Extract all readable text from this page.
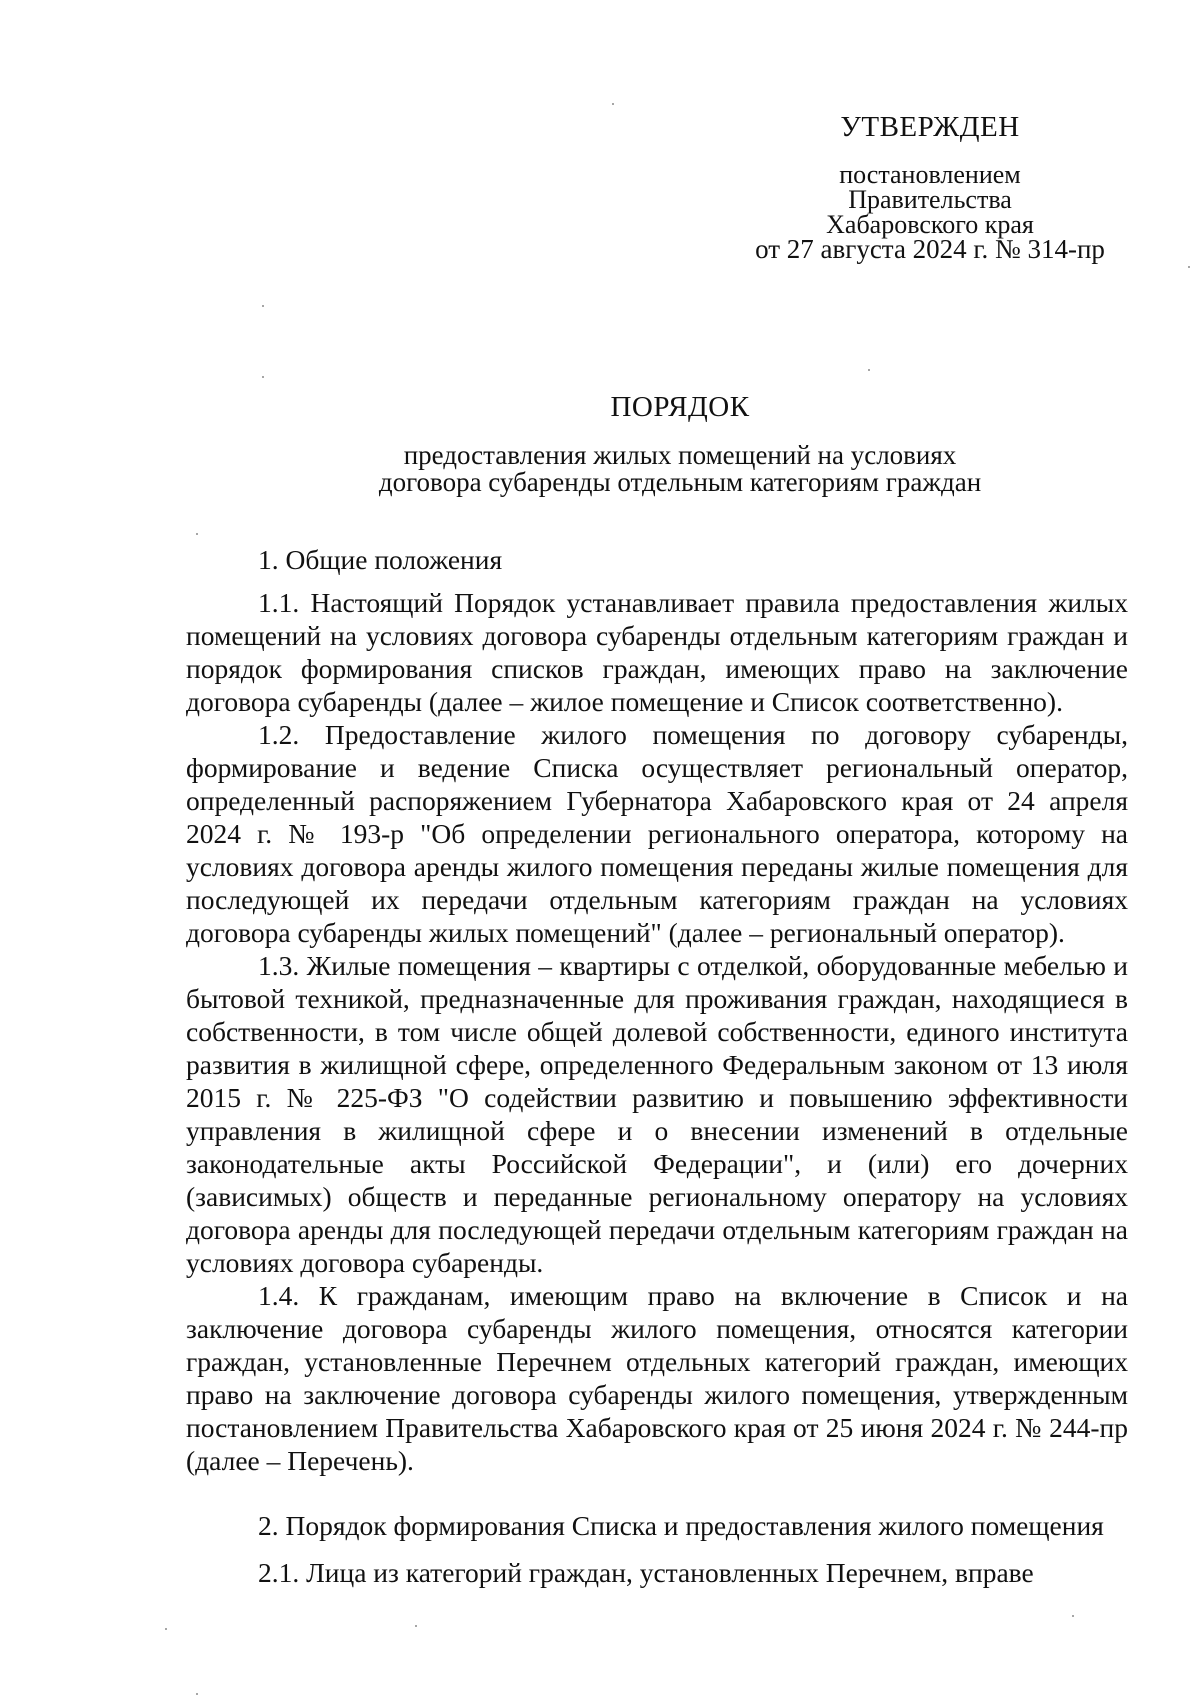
УТВЕРЖДЕН
постановлением
Правительства
Хабаровского края
от 27 августа 2024 г. № 314-пр
ПОРЯДОК
предоставления жилых помещений на условиях
договора субаренды отдельным категориям граждан
1. Общие положения

1.1. Настоящий Порядок устанавливает правила предоставления жилых помещений на условиях договора субаренды отдельным категориям граждан и порядок формирования списков граждан, имеющих право на заключение договора субаренды (далее – жилое помещение и Список соответственно).

1.2. Предоставление жилого помещения по договору субаренды, формирование и ведение Списка осуществляет региональный оператор, определенный распоряжением Губернатора Хабаровского края от 24 апреля 2024 г. № 193-р "Об определении регионального оператора, которому на условиях договора аренды жилого помещения переданы жилые помещения для последующей их передачи отдельным категориям граждан на условиях договора субаренды жилых помещений" (далее – региональный оператор).

1.3. Жилые помещения – квартиры с отделкой, оборудованные мебелью и бытовой техникой, предназначенные для проживания граждан, находящиеся в собственности, в том числе общей долевой собственности, единого института развития в жилищной сфере, определенного Федеральным законом от 13 июля 2015 г. № 225-ФЗ "О содействии развитию и повышению эффективности управления в жилищной сфере и о внесении изменений в отдельные законодательные акты Российской Федерации", и (или) его дочерних (зависимых) обществ и переданные региональному оператору на условиях договора аренды для последующей передачи отдельным категориям граждан на условиях договора субаренды.

1.4. К гражданам, имеющим право на включение в Список и на заключение договора субаренды жилого помещения, относятся категории граждан, установленные Перечнем отдельных категорий граждан, имеющих право на заключение договора субаренды жилого помещения, утвержденным постановлением Правительства Хабаровского края от 25 июня 2024 г. № 244-пр (далее – Перечень).

2. Порядок формирования Списка и предоставления жилого помещения

2.1. Лица из категорий граждан, установленных Перечнем, вправе
